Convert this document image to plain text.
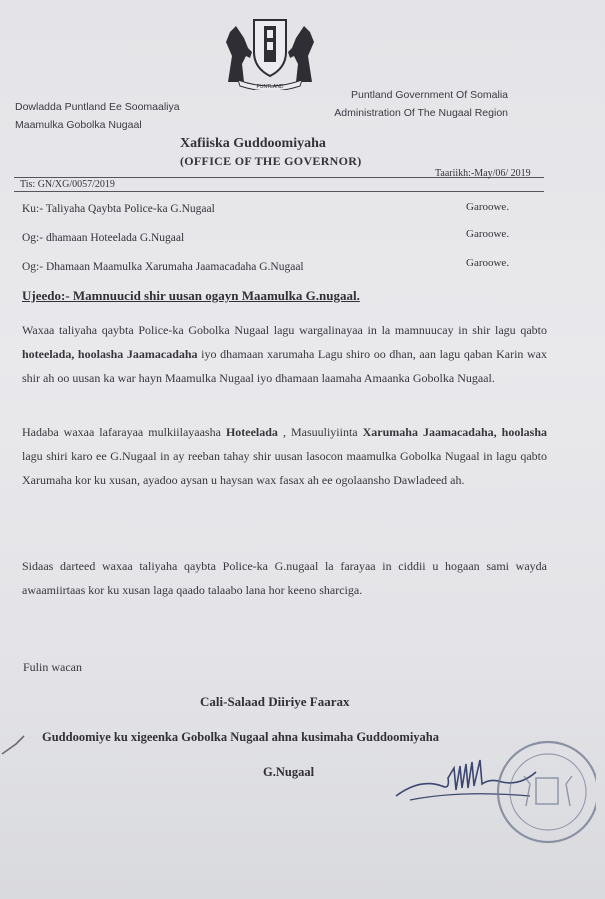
PUNTLAND
Dowladda Puntland Ee Soomaaliya
Maamulka Gobolka Nugaal
Puntland Government Of Somalia
Administration Of The Nugaal Region
Xafiiska Guddoomiyaha
(OFFICE OF THE GOVERNOR)
Tis: GN/XG/0057/2019
Taariikh:-May/06/ 2019
Ku:- Taliyaha Qaybta Police-ka G.Nugaal	Garoowe.
Og:- dhamaan Hoteelada G.Nugaal	Garoowe.
Og:- Dhamaan Maamulka Xarumaha Jaamacadaha G.Nugaal	Garoowe.
Ujeedo:- Mamnuucid shir uusan ogayn Maamulka G.nugaal.
Waxaa taliyaha qaybta Police-ka Gobolka Nugaal lagu wargalinayaa in la mamnuucay in shir lagu qabto hoteelada, hoolasha Jaamacadaha iyo dhamaan xarumaha Lagu shiro oo dhan, aan lagu qaban Karin wax shir ah oo uusan ka war hayn Maamulka Nugaal iyo dhamaan laamaha Amaanka Gobolka Nugaal.
Hadaba waxaa lafarayaa mulkiilayaasha Hoteelada , Masuuliyiinta Xarumaha Jaamacadaha, hoolasha lagu shiri karo ee G.Nugaal in ay reeban tahay shir uusan lasocon maamulka Gobolka Nugaal in lagu qabto Xarumaha kor ku xusan, ayadoo aysan u haysan wax fasax ah ee ogolaansho Dawladeed ah.
Sidaas darteed waxaa taliyaha qaybta Police-ka G.nugaal la farayaa in ciddii u hogaan sami wayda awaamiirtaas kor ku xusan laga qaado talaabo lana hor keeno sharciga.
Fulin wacan
Cali-Salaad Diiriye Faarax
Guddoomiye ku xigeenka Gobolka Nugaal ahna kusimaha Guddoomiyaha
G.Nugaal
